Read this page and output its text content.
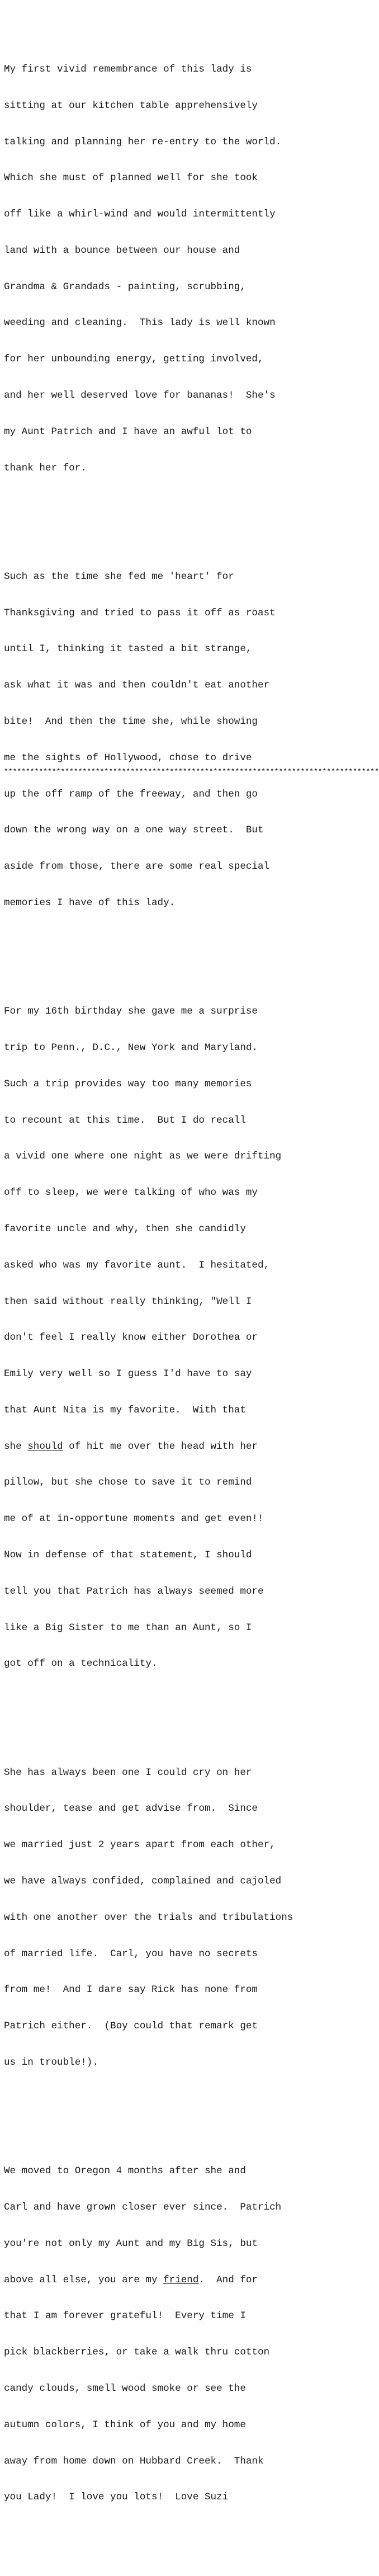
My first vivid remembrance of this lady is

sitting at our kitchen table apprehensively

talking and planning her re-entry to the world.

Which she must of planned well for she took

off like a whirl-wind and would intermittently

land with a bounce between our house and

Grandma & Grandads - painting, scrubbing,

weeding and cleaning.  This lady is well known

for her unbounding energy, getting involved,

and her well deserved love for bananas!  She's

my Aunt Patrich and I have an awful lot to

thank her for.

Such as the time she fed me 'heart' for

Thanksgiving and tried to pass it off as roast

until I, thinking it tasted a bit strange,

ask what it was and then couldn't eat another

bite!  And then the time she, while showing

me the sights of Hollywood, chose to drive

up the off ramp of the freeway, and then go

down the wrong way on a one way street.  But

aside from those, there are some real special

memories I have of this lady.

For my 16th birthday she gave me a surprise

trip to Penn., D.C., New York and Maryland.

Such a trip provides way too many memories

to recount at this time.  But I do recall

a vivid one where one night as we were drifting

off to sleep, we were talking of who was my

favorite uncle and why, then she candidly

asked who was my favorite aunt.  I hesitated,

then said without really thinking, "Well I

don't feel I really know either Dorothea or

Emily very well so I guess I'd have to say

that Aunt Nita is my favorite.  With that

she should of hit me over the head with her

pillow, but she chose to save it to remind

me of at in-opportune moments and get even!!

Now in defense of that statement, I should

tell you that Patrich has always seemed more

like a Big Sister to me than an Aunt, so I

got off on a technicality.

She has always been one I could cry on her

shoulder, tease and get advise from.  Since

we married just 2 years apart from each other,

we have always confided, complained and cajoled

with one another over the trials and tribulations

of married life.  Carl, you have no secrets

from me!  And I dare say Rick has none from

Patrich either.  (Boy could that remark get

us in trouble!).

We moved to Oregon 4 months after she and

Carl and have grown closer ever since.  Patrich

you're not only my Aunt and my Big Sis, but

above all else, you are my friend.  And for

that I am forever grateful!  Every time I

pick blackberries, or take a walk thru cotton

candy clouds, smell wood smoke or see the

autumn colors, I think of you and my home

away from home down on Hubbard Creek.  Thank

you Lady!  I love you lots!  Love Suzi

**************************************************************************************
